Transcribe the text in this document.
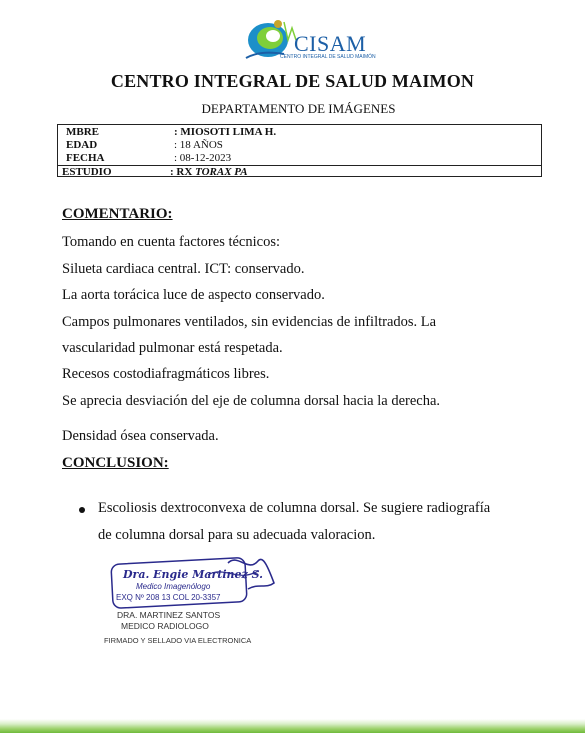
CISAM
CENTRO INTEGRAL DE SALUD MAIMÓN
CENTRO INTEGRAL DE SALUD MAIMON
DEPARTAMENTO DE IMÁGENES
MBRE	: MIOSOTI LIMA H.
EDAD	: 18 AÑOS
FECHA	: 08-12-2023
ESTUDIO	: RX TORAX PA
COMENTARIO:
Tomando en cuenta factores técnicos:
Silueta cardiaca central. ICT: conservado.
La aorta torácica luce de aspecto conservado.
Campos pulmonares ventilados, sin evidencias de infiltrados. La
vascularidad pulmonar está respetada.
Recesos costodiafragmáticos libres.
Se aprecia desviación del eje de columna dorsal hacia la derecha.
Densidad ósea conservada.
CONCLUSION:
Escoliosis dextroconvexa de columna dorsal. Se sugiere radiografía
de columna dorsal para su adecuada valoracion.
Dra. Engie Martinez S.
Medico Imagenólogo
EXQ Nº 208 13 COL 20-3357
DRA. MARTINEZ SANTOS
MEDICO RADIOLOGO
FIRMADO Y SELLADO VIA ELECTRONICA
